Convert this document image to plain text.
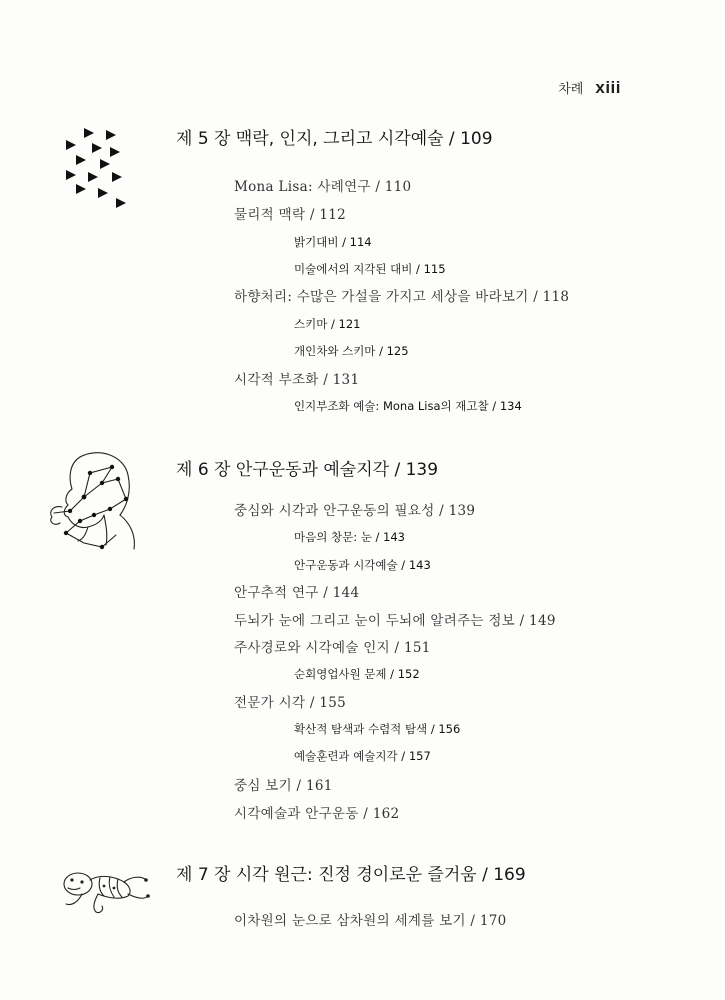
차례 xiii
제 5 장 맥락, 인지, 그리고 시각예술 / 109
Mona Lisa: 사례연구 / 110
물리적 맥락 / 112
밝기대비 / 114
미술에서의 지각된 대비 / 115
하향처리: 수많은 가설을 가지고 세상을 바라보기 / 118
스키마 / 121
개인차와 스키마 / 125
시각적 부조화 / 131
인지부조화 예술: Mona Lisa의 재고찰 / 134
제 6 장 안구운동과 예술지각 / 139
중심와 시각과 안구운동의 필요성 / 139
마음의 창문: 눈 / 143
안구운동과 시각예술 / 143
안구추적 연구 / 144
두뇌가 눈에 그리고 눈이 두뇌에 알려주는 정보 / 149
주사경로와 시각예술 인지 / 151
순회영업사원 문제 / 152
전문가 시각 / 155
확산적 탐색과 수렴적 탐색 / 156
예술훈련과 예술지각 / 157
중심 보기 / 161
시각예술과 안구운동 / 162
제 7 장 시각 원근: 진정 경이로운 즐거움 / 169
이차원의 눈으로 삼차원의 세계를 보기 / 170
